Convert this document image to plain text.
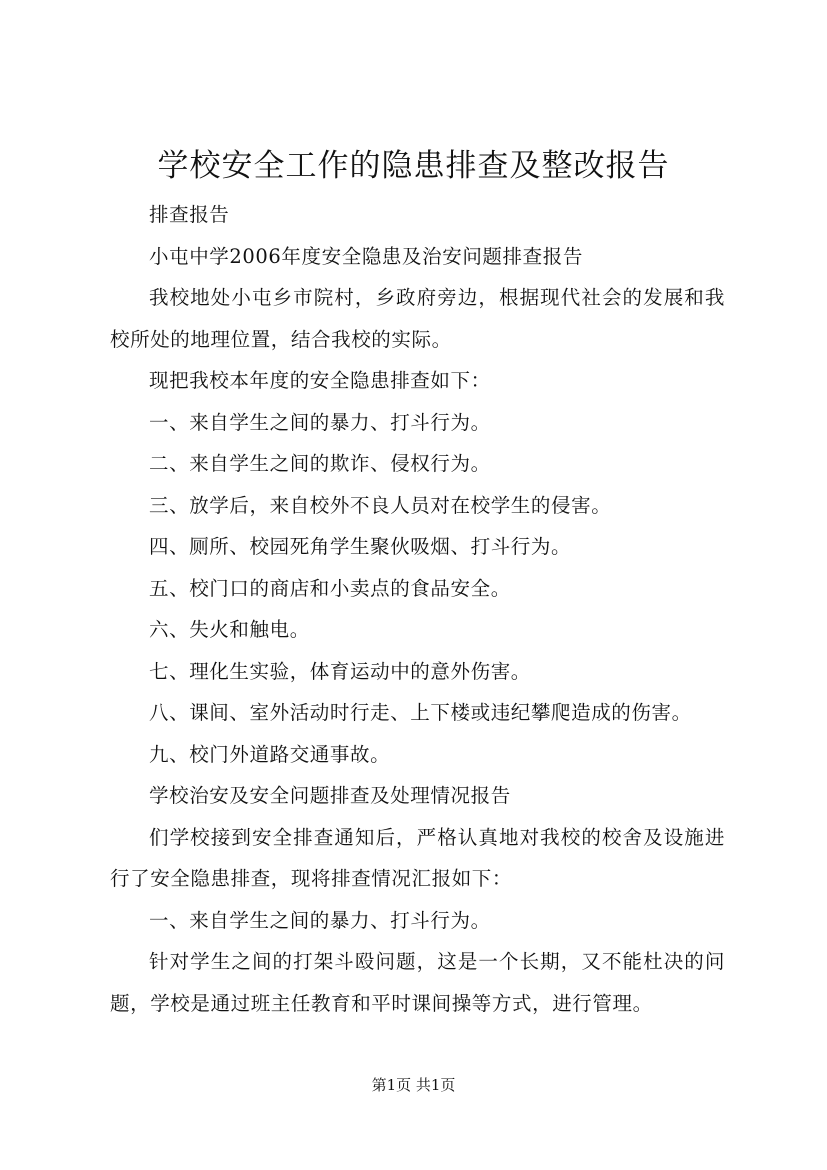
学校安全工作的隐患排查及整改报告

排查报告

小屯中学2006年度安全隐患及治安问题排查报告

我校地处小屯乡市院村，乡政府旁边，根据现代社会的发展和我校所处的地理位置，结合我校的实际。

现把我校本年度的安全隐患排查如下：

一、来自学生之间的暴力、打斗行为。

二、来自学生之间的欺诈、侵权行为。

三、放学后，来自校外不良人员对在校学生的侵害。

四、厕所、校园死角学生聚伙吸烟、打斗行为。

五、校门口的商店和小卖点的食品安全。

六、失火和触电。

七、理化生实验，体育运动中的意外伤害。

八、课间、室外活动时行走、上下楼或违纪攀爬造成的伤害。

九、校门外道路交通事故。

学校治安及安全问题排查及处理情况报告

们学校接到安全排查通知后，严格认真地对我校的校舍及设施进行了安全隐患排查，现将排查情况汇报如下：

一、来自学生之间的暴力、打斗行为。

针对学生之间的打架斗殴问题，这是一个长期，又不能杜决的问题，学校是通过班主任教育和平时课间操等方式，进行管理。

第1页 共1页
